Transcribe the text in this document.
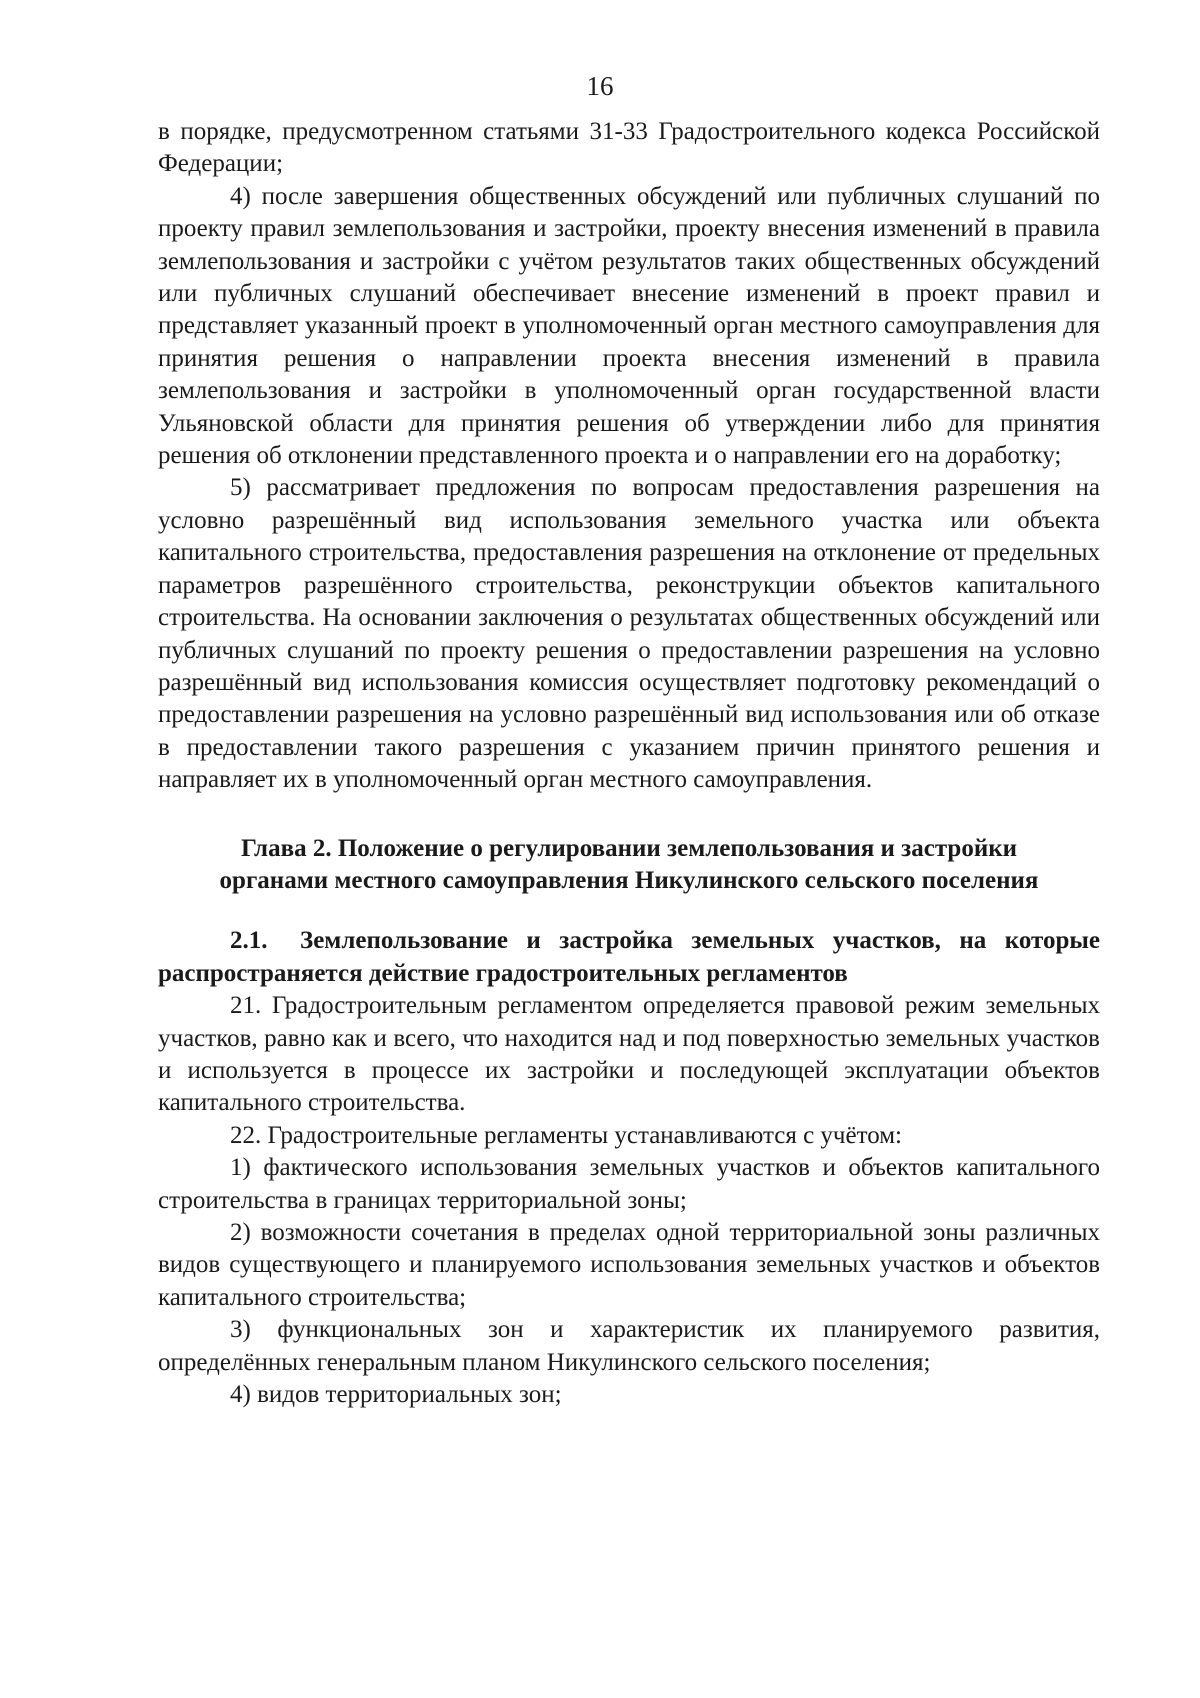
16

в порядке, предусмотренном статьями 31-33 Градостроительного кодекса Российской Федерации;

4) после завершения общественных обсуждений или публичных слушаний по проекту правил землепользования и застройки, проекту внесения изменений в правила землепользования и застройки с учётом результатов таких общественных обсуждений или публичных слушаний обеспечивает внесение изменений в проект правил и представляет указанный проект в уполномоченный орган местного самоуправления для принятия решения о направлении проекта внесения изменений в правила землепользования и застройки в уполномоченный орган государственной власти Ульяновской области для принятия решения об утверждении либо для принятия решения об отклонении представленного проекта и о направлении его на доработку;

5) рассматривает предложения по вопросам предоставления разрешения на условно разрешённый вид использования земельного участка или объекта капитального строительства, предоставления разрешения на отклонение от предельных параметров разрешённого строительства, реконструкции объектов капитального строительства. На основании заключения о результатах общественных обсуждений или публичных слушаний по проекту решения о предоставлении разрешения на условно разрешённый вид использования комиссия осуществляет подготовку рекомендаций о предоставлении разрешения на условно разрешённый вид использования или об отказе в предоставлении такого разрешения с указанием причин принятого решения и направляет их в уполномоченный орган местного самоуправления.

Глава 2. Положение о регулировании землепользования и застройки
органами местного самоуправления Никулинского сельского поселения

2.1. Землепользование и застройка земельных участков, на которые распространяется действие градостроительных регламентов

21. Градостроительным регламентом определяется правовой режим земельных участков, равно как и всего, что находится над и под поверхностью земельных участков и используется в процессе их застройки и последующей эксплуатации объектов капитального строительства.

22. Градостроительные регламенты устанавливаются с учётом:

1) фактического использования земельных участков и объектов капитального строительства в границах территориальной зоны;

2) возможности сочетания в пределах одной территориальной зоны различных видов существующего и планируемого использования земельных участков и объектов капитального строительства;

3) функциональных зон и характеристик их планируемого развития, определённых генеральным планом Никулинского сельского поселения;

4) видов территориальных зон;
